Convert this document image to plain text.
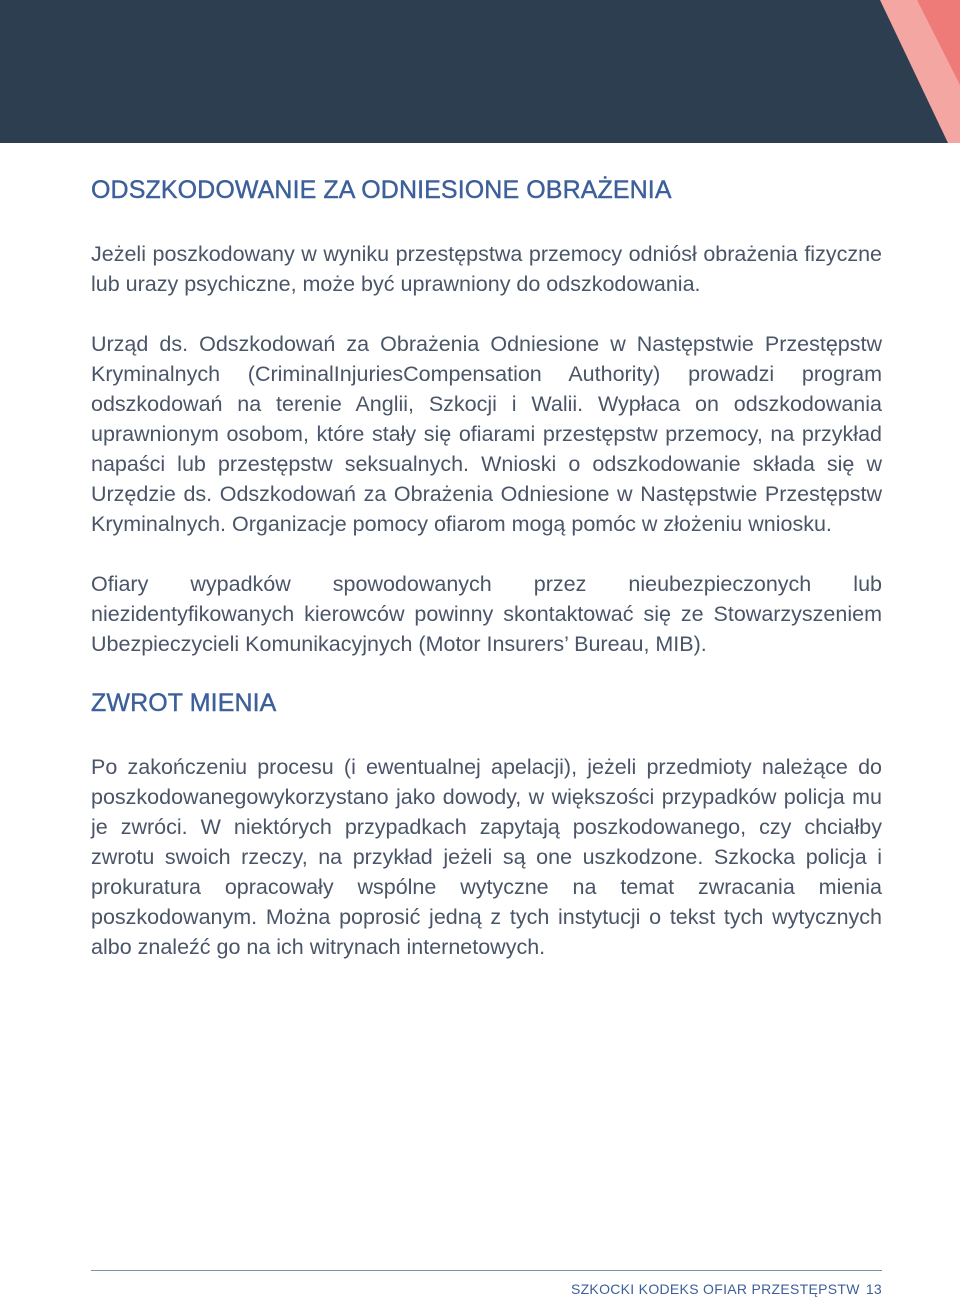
ODSZKODOWANIE ZA ODNIESIONE OBRAŻENIA

Jeżeli poszkodowany w wyniku przestępstwa przemocy odniósł obrażenia fizyczne lub urazy psychiczne, może być uprawniony do odszkodowania.

Urząd ds. Odszkodowań za Obrażenia Odniesione w Następstwie Przestępstw Kryminalnych (CriminalInjuriesCompensation Authority) prowadzi program odszkodowań na terenie Anglii, Szkocji i Walii. Wypłaca on odszkodowania uprawnionym osobom, które stały się ofiarami przestępstw przemocy, na przykład napaści lub przestępstw seksualnych. Wnioski o odszkodowanie składa się w Urzędzie ds. Odszkodowań za Obrażenia Odniesione w Następstwie Przestępstw Kryminalnych. Organizacje pomocy ofiarom mogą pomóc w złożeniu wniosku.

Ofiary wypadków spowodowanych przez nieubezpieczonych lub niezidentyfikowanych kierowców powinny skontaktować się ze Stowarzyszeniem Ubezpieczycieli Komunikacyjnych (Motor Insurers’ Bureau, MIB).

ZWROT MIENIA

Po zakończeniu procesu (i ewentualnej apelacji), jeżeli przedmioty należące do poszkodowanegowykorzystano jako dowody, w większości przypadków policja mu je zwróci. W niektórych przypadkach zapytają poszkodowanego, czy chciałby zwrotu swoich rzeczy, na przykład jeżeli są one uszkodzone. Szkocka policja i prokuratura opracowały wspólne wytyczne na temat zwracania mienia poszkodowanym. Można poprosić jedną z tych instytucji o tekst tych wytycznych albo znaleźć go na ich witrynach internetowych.

SZKOCKI KODEKS OFIAR PRZESTĘPSTW 13
